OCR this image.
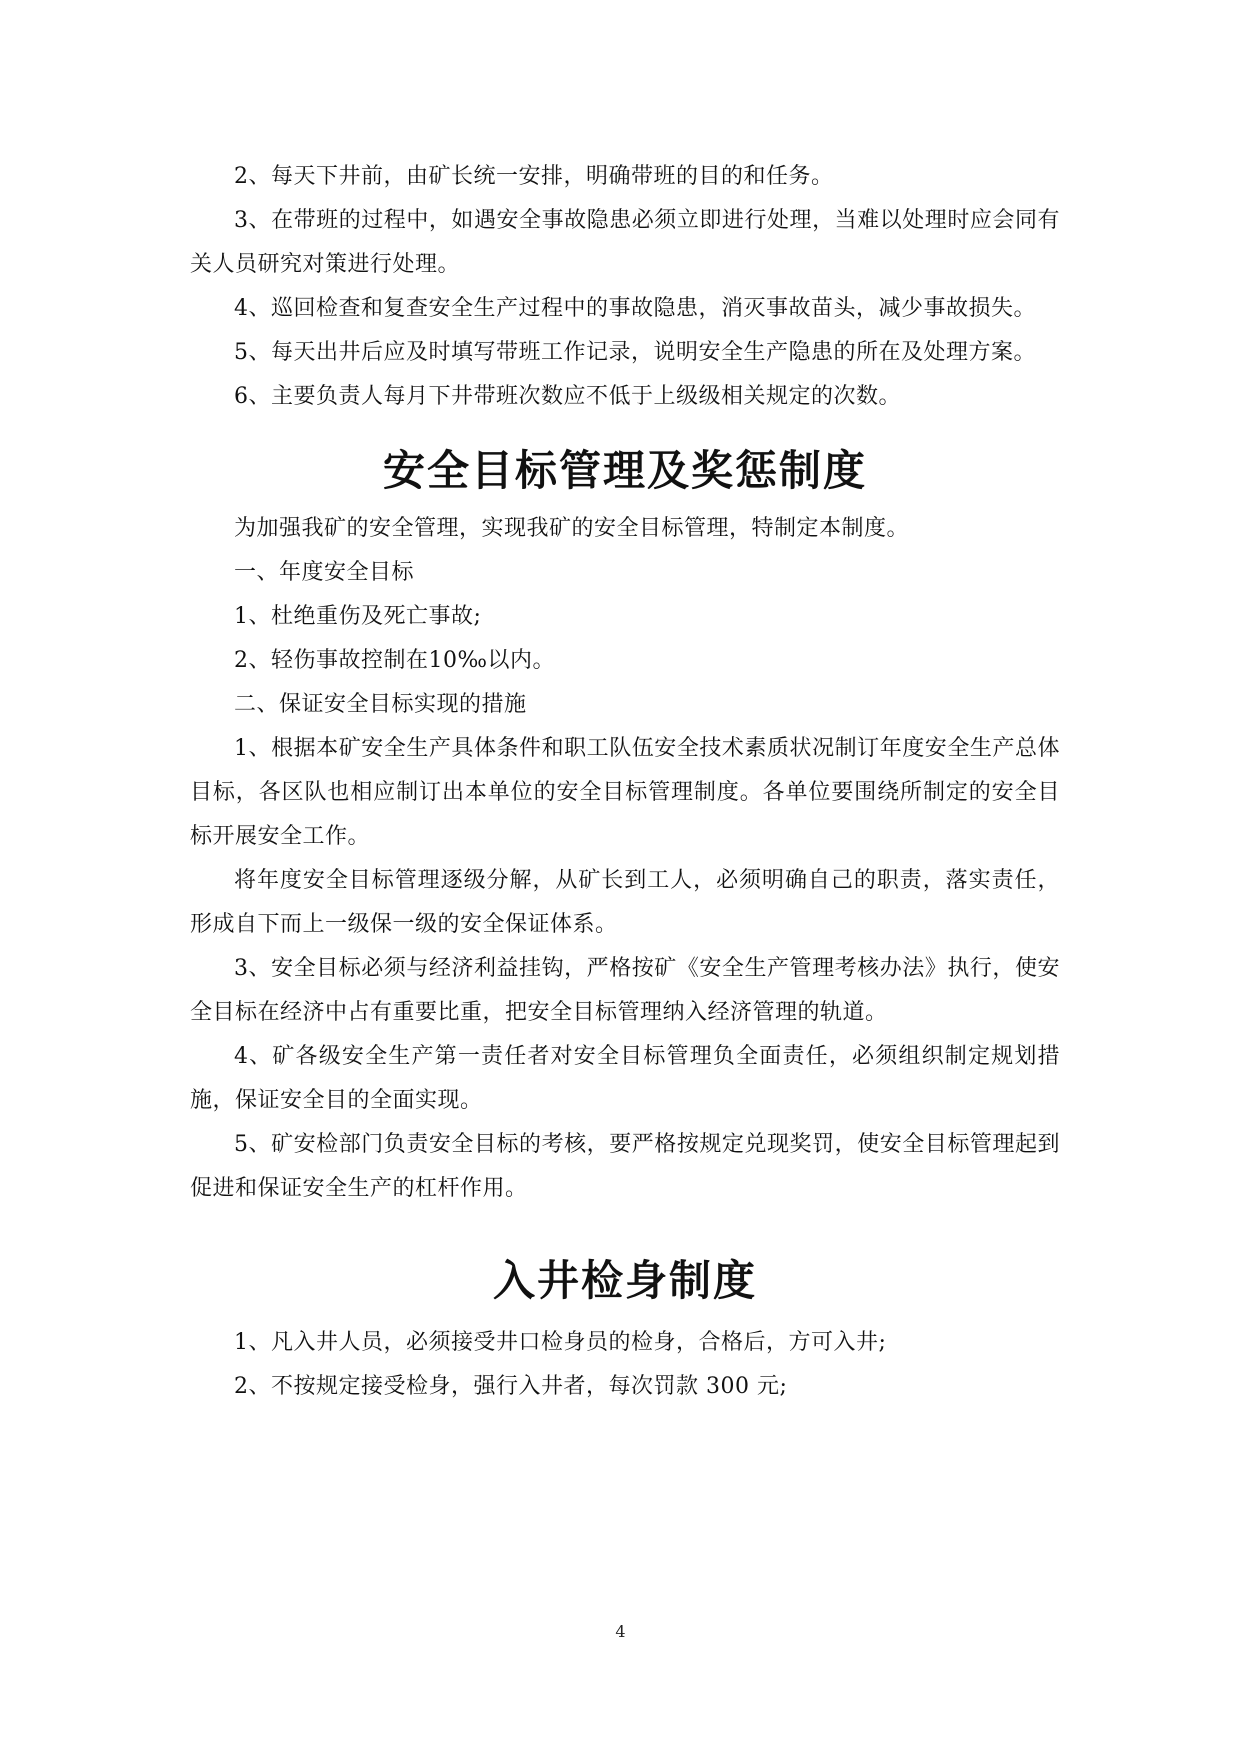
2、每天下井前，由矿长统一安排，明确带班的目的和任务。

3、在带班的过程中，如遇安全事故隐患必须立即进行处理，当难以处理时应会同有关人员研究对策进行处理。

4、巡回检查和复查安全生产过程中的事故隐患，消灭事故苗头，减少事故损失。

5、每天出井后应及时填写带班工作记录，说明安全生产隐患的所在及处理方案。

6、主要负责人每月下井带班次数应不低于上级级相关规定的次数。

安全目标管理及奖惩制度

为加强我矿的安全管理，实现我矿的安全目标管理，特制定本制度。

一、年度安全目标

1、杜绝重伤及死亡事故;

2、轻伤事故控制在10‰以内。

二、保证安全目标实现的措施

1、根据本矿安全生产具体条件和职工队伍安全技术素质状况制订年度安全生产总体目标，各区队也相应制订出本单位的安全目标管理制度。各单位要围绕所制定的安全目标开展安全工作。

将年度安全目标管理逐级分解，从矿长到工人，必须明确自己的职责，落实责任，形成自下而上一级保一级的安全保证体系。

3、安全目标必须与经济利益挂钩，严格按矿《安全生产管理考核办法》执行，使安全目标在经济中占有重要比重，把安全目标管理纳入经济管理的轨道。

4、矿各级安全生产第一责任者对安全目标管理负全面责任，必须组织制定规划措施，保证安全目的全面实现。

5、矿安检部门负责安全目标的考核，要严格按规定兑现奖罚，使安全目标管理起到促进和保证安全生产的杠杆作用。

入井检身制度

1、凡入井人员，必须接受井口检身员的检身，合格后，方可入井;

2、不按规定接受检身，强行入井者，每次罚款 300 元;

4
